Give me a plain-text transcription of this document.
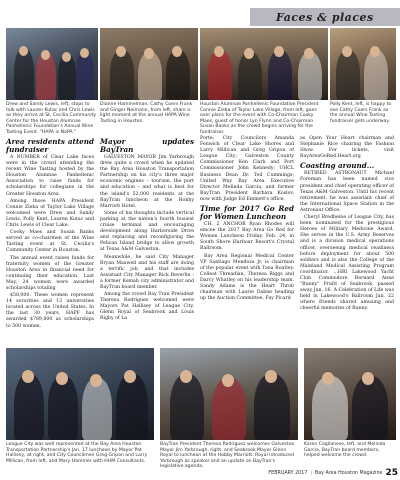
Faces & places
Drew and Sandy Lewis, left, stops to talk with Lauren Kutac and Chris Lewis as they arrive at St. Cecilia Community Center for the Houston Alumnae Panhellenic Foundation's Annual Wine Tasting Event. "HAPA is NaPA."
Dianne Hammelman, Cathy Coers Frank and Ginger Neimann, from left, share a light moment at the annual HAPA Wine Tasting in Houston.
Houston Alumnae Panhellenic Foundation President Connie Zieba of Taylor Lake Village, from left, goes over plans for the event with Co-Chairman Cooky Maes, guest of honor Lyn Flynn and Co-Chairman Susan Banks as the crowd begins arriving for the fundraiser.
Polly Kent, left, is happy to see Cathy Coers Frank as the annual Wine Tasting fundraiser gets underway.
Area residents attend fundraiser

A NUMBER of Clear Lake faces were in the crowd attending the recent Wine Tasting hosted by the Houston Alumnae Panhellenic Association to raise funds for scholarships for collegians in the Greater Houston Area.

Among those HAPA President Connie Zieba of Taylor Lake Village welcomed were Drew and Sandy Lewis, Polly Kent, Lauren Kutac and Chris Lewis of Clear Lake.

Cooky Maes and Susan Banks served as co-chairmen of the Wine Tasting event at St. Cecilia's Community Center in Houston.

The annual event raises funds for fraternity women of the Greater Houston Area in financial need for continuing their education. Last May, 24 women were awarded scholarships totaling

$58,000. These women represent 14 sororities and 13 universities located across the United States. In the last 30 years, HAPF has awarded $789,800 as scholarships to 500 women.

Mayor updates BayTran

GALVESTON MAYOR Jim Yarbrough drew quite a crowd when he updated the Bay Area Houston Transportation Partnership on his city's three major economic engines – tourism, the port and education – and what is best for the island's 52,000 residents at the BayTran luncheon at the Hobby Marriott Hotel.

Some of his thoughts include vertical parking at the nation's fourth busiest cruise terminal and encouraging development along Harborside Drive and replacing and reconfiguring the Pelican Island bridge to allow growth at Texas A&M Galveston.

Meanwhile, he said City Manager Bryan Maxwell and his staff are doing a terrific job, and that includes Assistant City Manager Rick Beverlin - a former Kemah city administrator and BayTran board member.

Among the crowd Bay Tran President Theresa Rodriguez welcomed were Mayors Pat Hallisey of League City, Glenn Royal of Seabrook and Louis Rigby of La

Porte; City Councilors Amanda Fenwick of Clear Lake Shores and Larry Millican and Greg Gripon of League City; Galveston County Commissioner Ken Clark and Port Commissioner John Kennedy; UHCL Business Dean Dr. Ted Cummings; United Way Bay Area Executive Director Melinda Garcia, and former BayTran President Barbara Koslov, now with Judge Ed Emmett's office.

Time for 2017 Go Red for Women Luncheon

CH. 2 ANCHOR Ryan Rhodes will emcee the 2017 Bay Area Go Red for Women Luncheon Friday, Feb. 24, in South Shore Harbour Resort's Crystal Ballroom.

Bay Area Regional Medical Center VP Santiago Mendoza Jr. is chairman of the popular event with Tana Roatley, Colleat Threadian, Theresa Riggs and Darcy Whatley on his leadership team. Sandy Adams is the Heart Throb chairman with Laurie Dabne heading up the Auction Committee, Fay Picard

as Open Your Heart chairman and Stephanie Rice chairing the Fashion Show. For tickets, visit BayAreaGoRed.Heart.org

Coasting around...

RETIRED ASTRONAUT Michael Foreman has been named vice president and chief operating officer of Texas A&M Galveston. Until his recent retirement, he was assistant chief of the International Space Station in the Astronaut Office.

Cheryl Bredbeine of League City, has been nominated for the prestigious Heroes of Military Medicine Award. She serves in the U.S. Army Reserves and is a division medical operations officer, overseeing medical readiness before deployment for about 500 soldiers and is also the College of the Mainland Medical Assisting Program coordinator. ...HRI Lakewood Yacht Club Commodore Bernard Anne "Bunny" Pruitt of Seabrook, passed away Jan. 16. A Celebration of Life was held in Lakewood's Ballroom Jan. 22 where friends shared amusing and cheerful memories of Bunny.

League City was well represented at the Bay Area Houston Transportation Partnership's Jan. 17 luncheon by Mayor Pat Hallisey, at right, and City Councilmen Greg Gripon and Larry Millican, from left, and Mary Hammer with HHM Consultants.
BayTran President Theresa Rodriguez welcomes Galveston Mayor Jim Yarbrough, right, and Seabrook Mayor Glenn Royal to luncheon at the Hobby Marriott. Royal introduced Yarbrough as speaker and an update on BayTran's legislative agenda.
Karen Coglianese, left, and Melinda Garcia, BayTran board members, helped welcome the crowd.
FEBRUARY 2017 | Bay Area Houston Magazine 25
